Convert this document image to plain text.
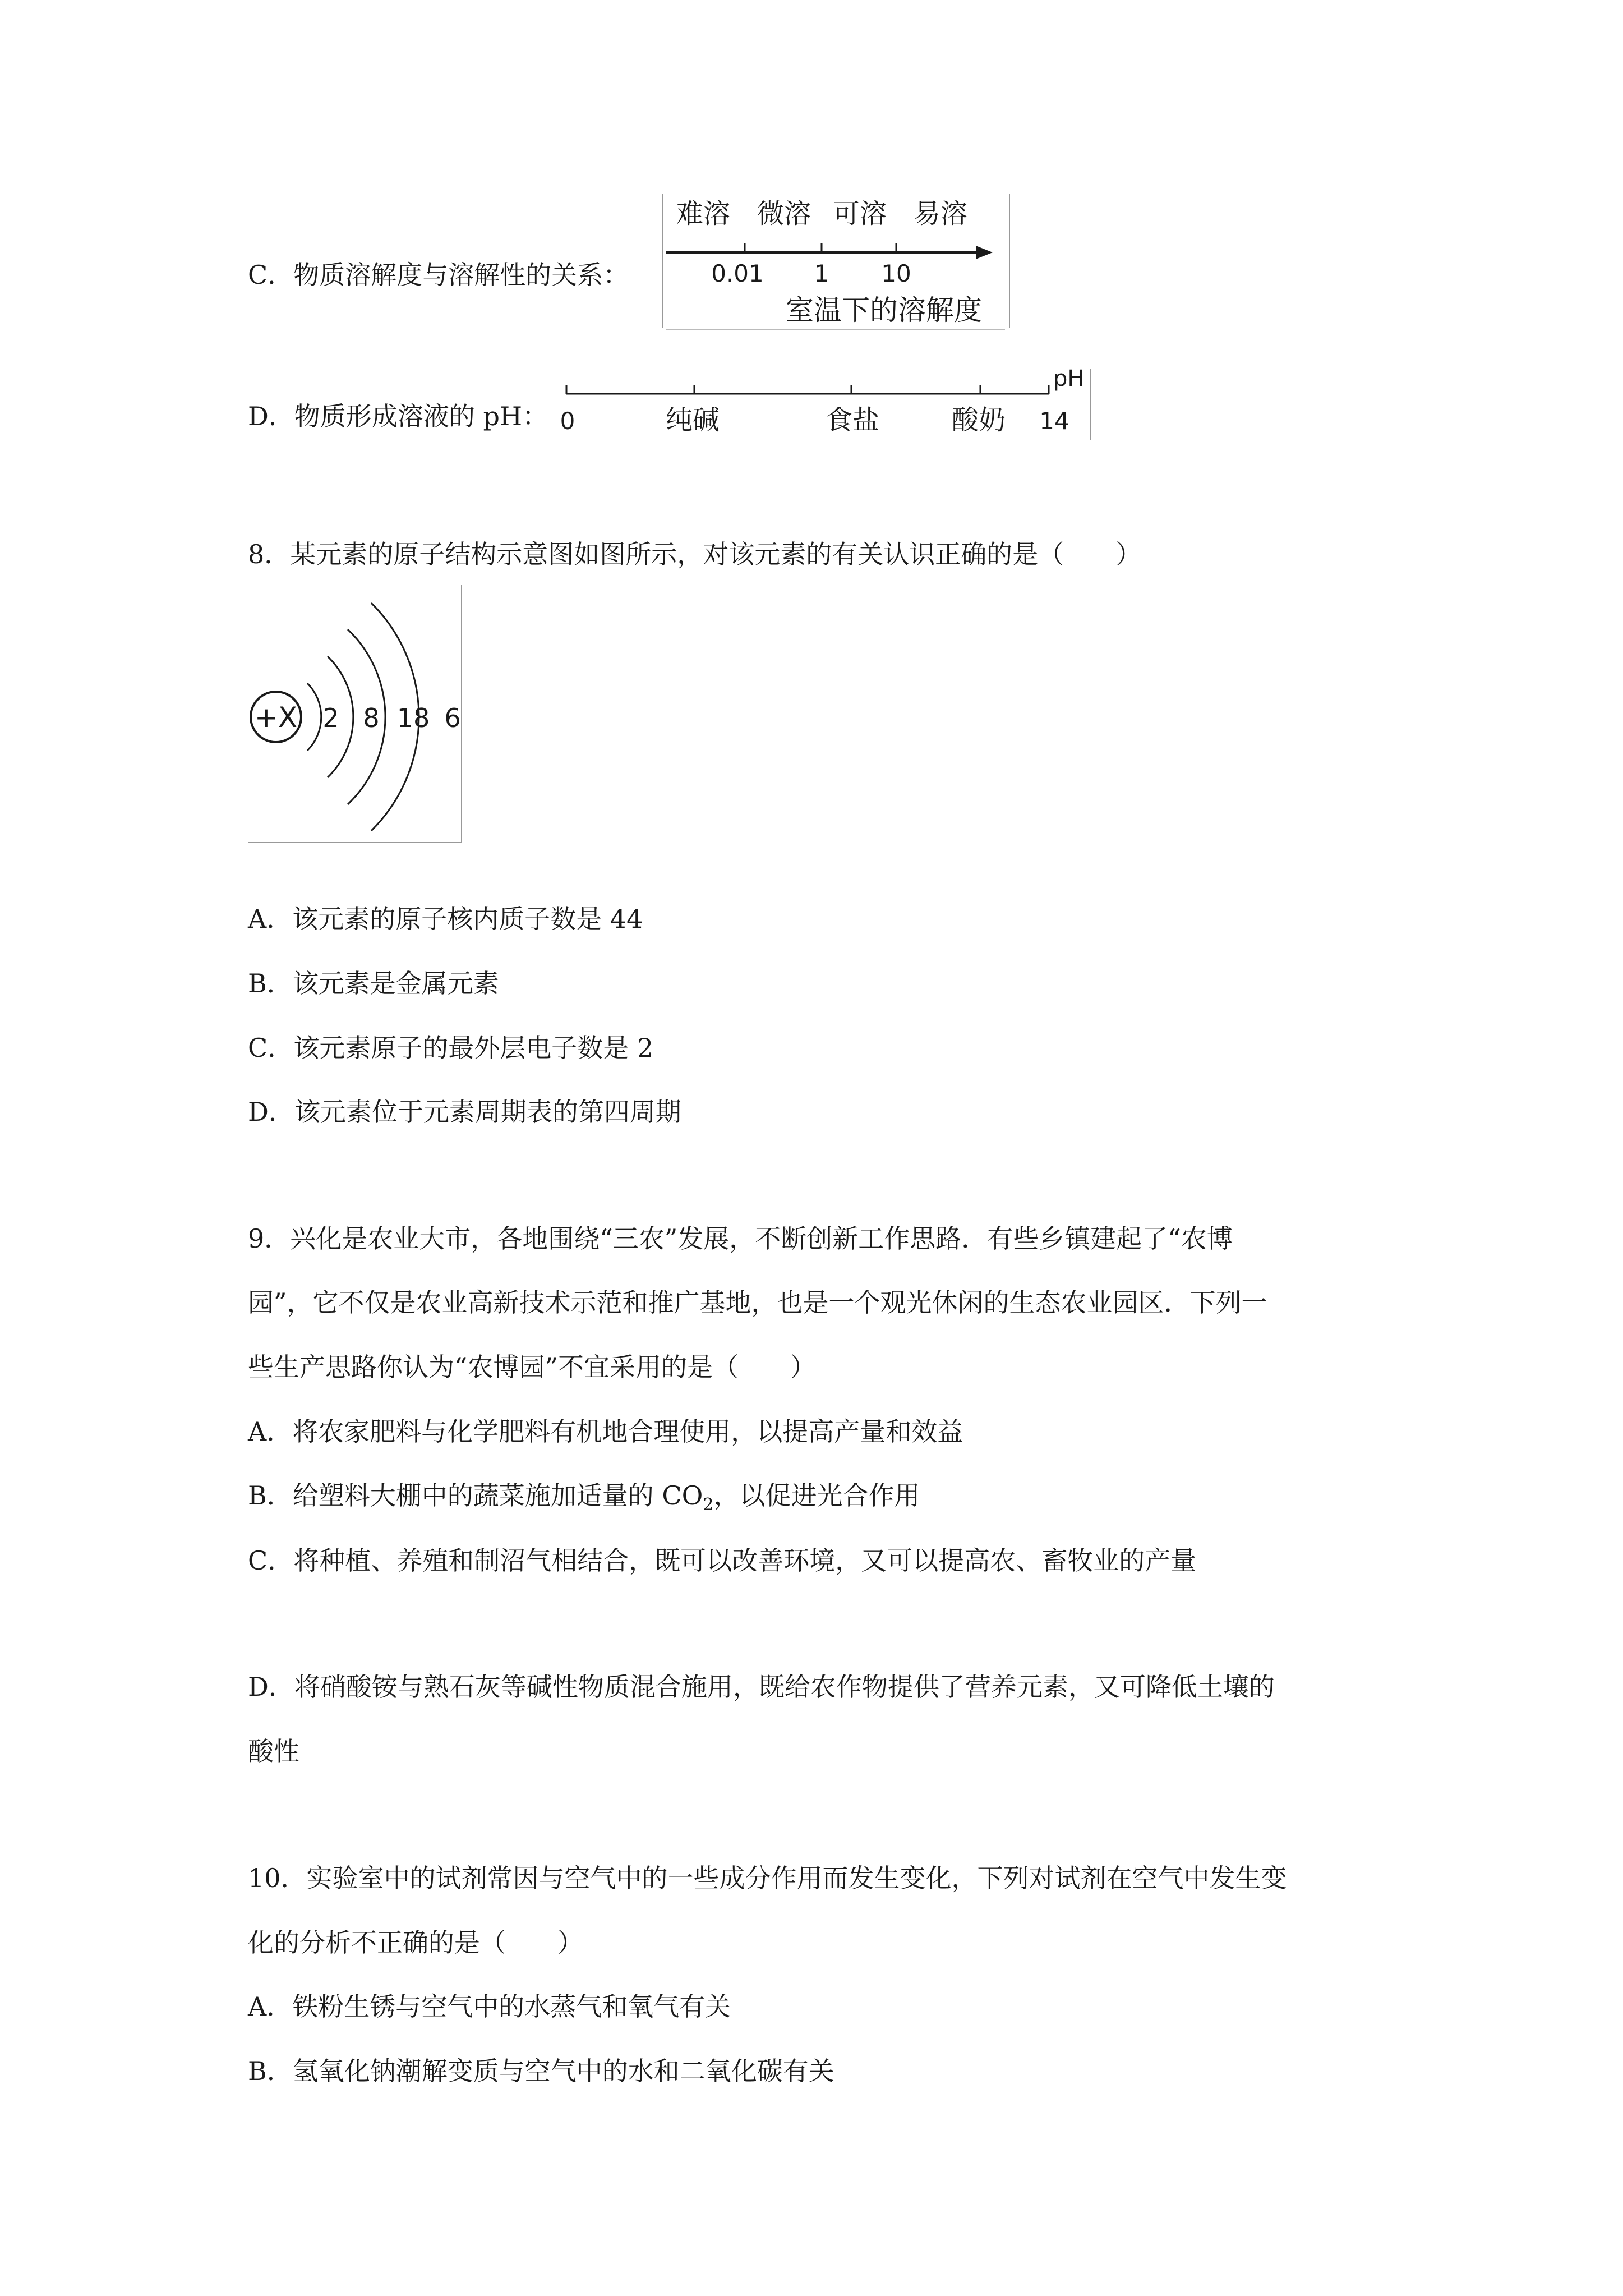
C．物质溶解度与溶解性的关系：
难溶 微溶 可溶 易溶
0.01 1 10
室温下的溶解度
D．物质形成溶液的 pH：
pH
0	纯碱	食盐	酸奶 14
8．某元素的原子结构示意图如图所示，对该元素的有关认识正确的是（　　）
+X 2 8 18 6
A．该元素的原子核内质子数是 44
B．该元素是金属元素
C．该元素原子的最外层电子数是 2
D．该元素位于元素周期表的第四周期
9．兴化是农业大市，各地围绕“三农”发展，不断创新工作思路．有些乡镇建起了“农博
园”，它不仅是农业高新技术示范和推广基地，也是一个观光休闲的生态农业园区．下列一
些生产思路你认为“农博园”不宜采用的是（　　）
A．将农家肥料与化学肥料有机地合理使用，以提高产量和效益
B．给塑料大棚中的蔬菜施加适量的 $CO_2$，以促进光合作用
C．将种植、养殖和制沼气相结合，既可以改善环境，又可以提高农、畜牧业的产量
D．将硝酸铵与熟石灰等碱性物质混合施用，既给农作物提供了营养元素，又可降低土壤的
酸性
10．实验室中的试剂常因与空气中的一些成分作用而发生变化，下列对试剂在空气中发生变
化的分析不正确的是（　　）
A．铁粉生锈与空气中的水蒸气和氧气有关
B．氢氧化钠潮解变质与空气中的水和二氧化碳有关
